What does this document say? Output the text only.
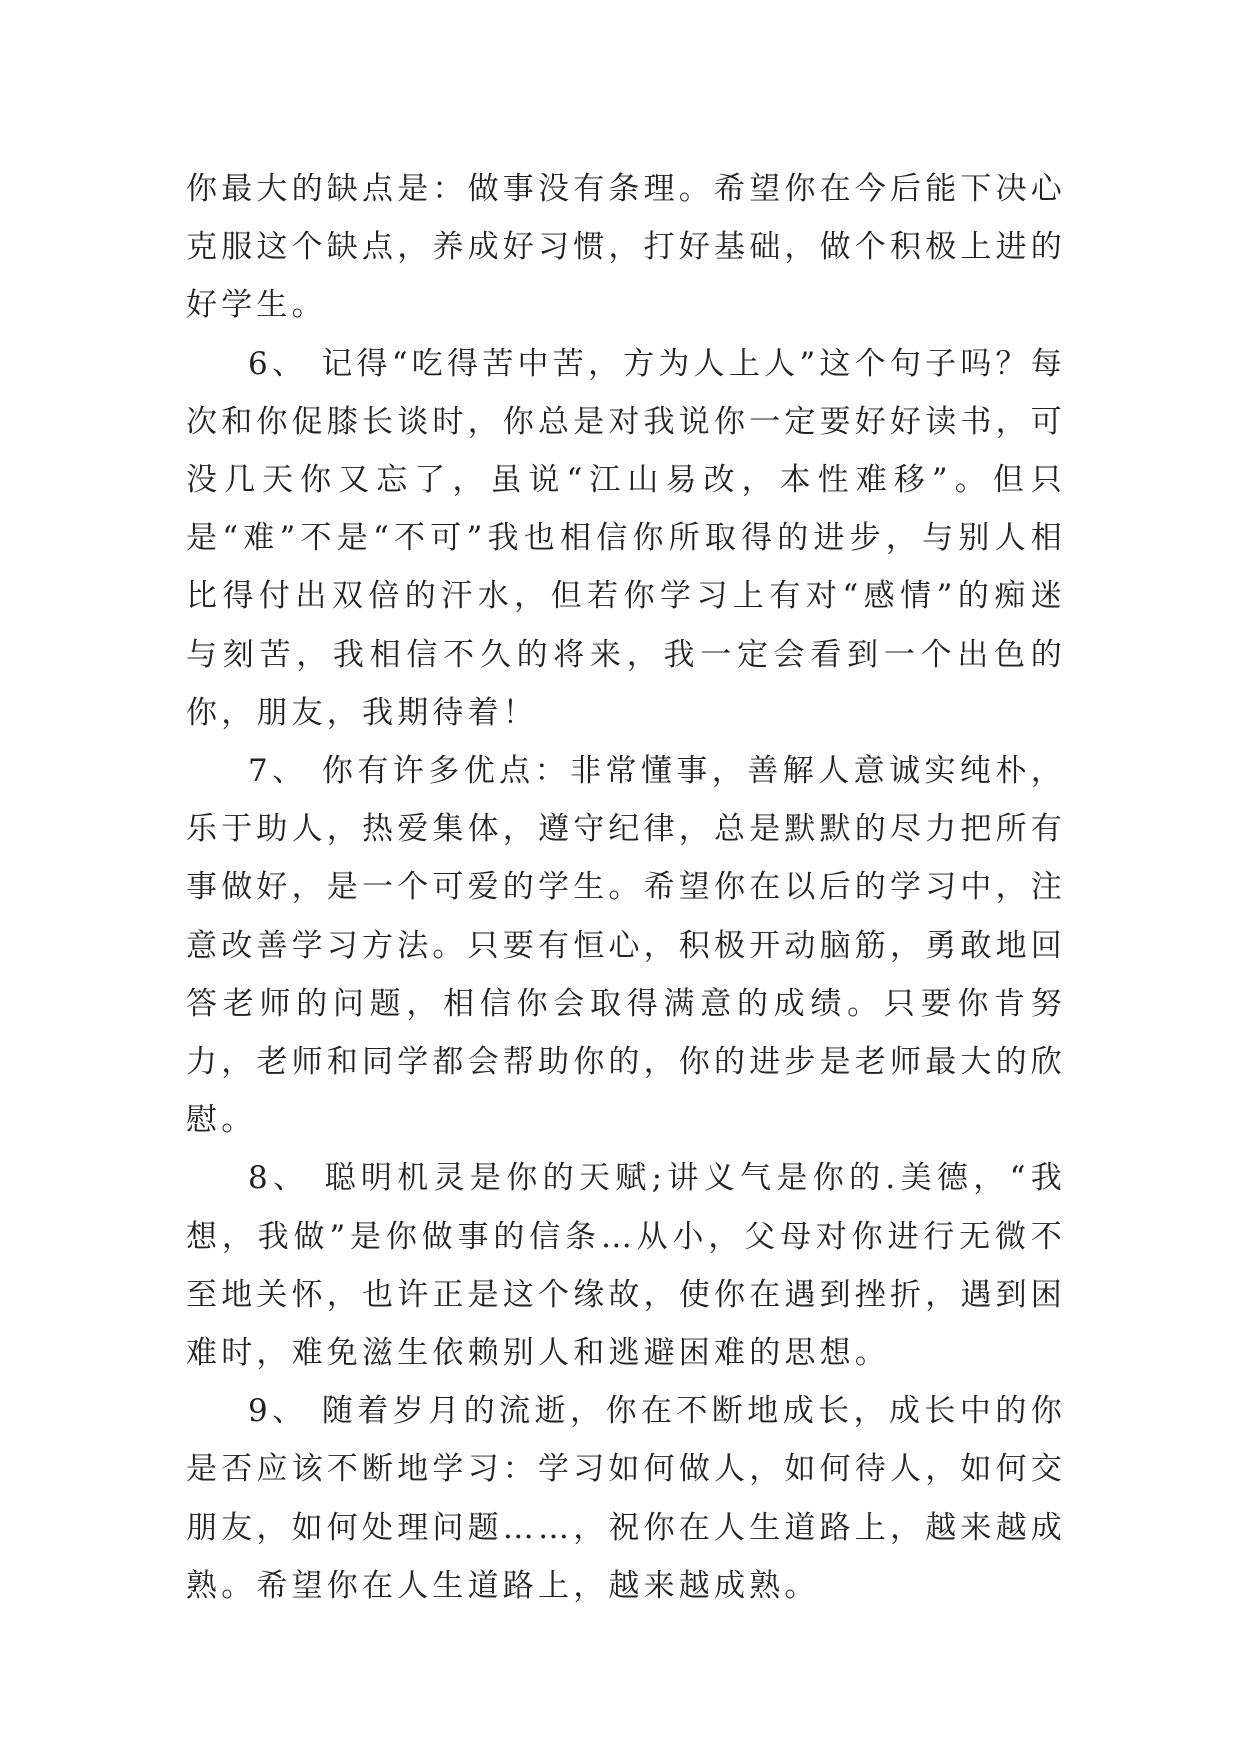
你最大的缺点是：做事没有条理。希望你在今后能下决心克服这个缺点，养成好习惯，打好基础，做个积极上进的好学生。

6、 记得“吃得苦中苦，方为人上人”这个句子吗？每次和你促膝长谈时，你总是对我说你一定要好好读书，可没几天你又忘了，虽说“江山易改，本性难移”。但只是“难”不是“不可”我也相信你所取得的进步，与别人相比得付出双倍的汗水，但若你学习上有对“感情”的痴迷与刻苦，我相信不久的将来，我一定会看到一个出色的你，朋友，我期待着！

7、 你有许多优点：非常懂事，善解人意诚实纯朴，乐于助人，热爱集体，遵守纪律，总是默默的尽力把所有事做好，是一个可爱的学生。希望你在以后的学习中，注意改善学习方法。只要有恒心，积极开动脑筋，勇敢地回答老师的问题，相信你会取得满意的成绩。只要你肯努力，老师和同学都会帮助你的，你的进步是老师最大的欣慰。

8、 聪明机灵是你的天赋;讲义气是你的.美德，“我想，我做”是你做事的信条…从小，父母对你进行无微不至地关怀，也许正是这个缘故，使你在遇到挫折，遇到困难时，难免滋生依赖别人和逃避困难的思想。

9、 随着岁月的流逝，你在不断地成长，成长中的你是否应该不断地学习：学习如何做人，如何待人，如何交朋友，如何处理问题……，祝你在人生道路上，越来越成熟。希望你在人生道路上，越来越成熟。
